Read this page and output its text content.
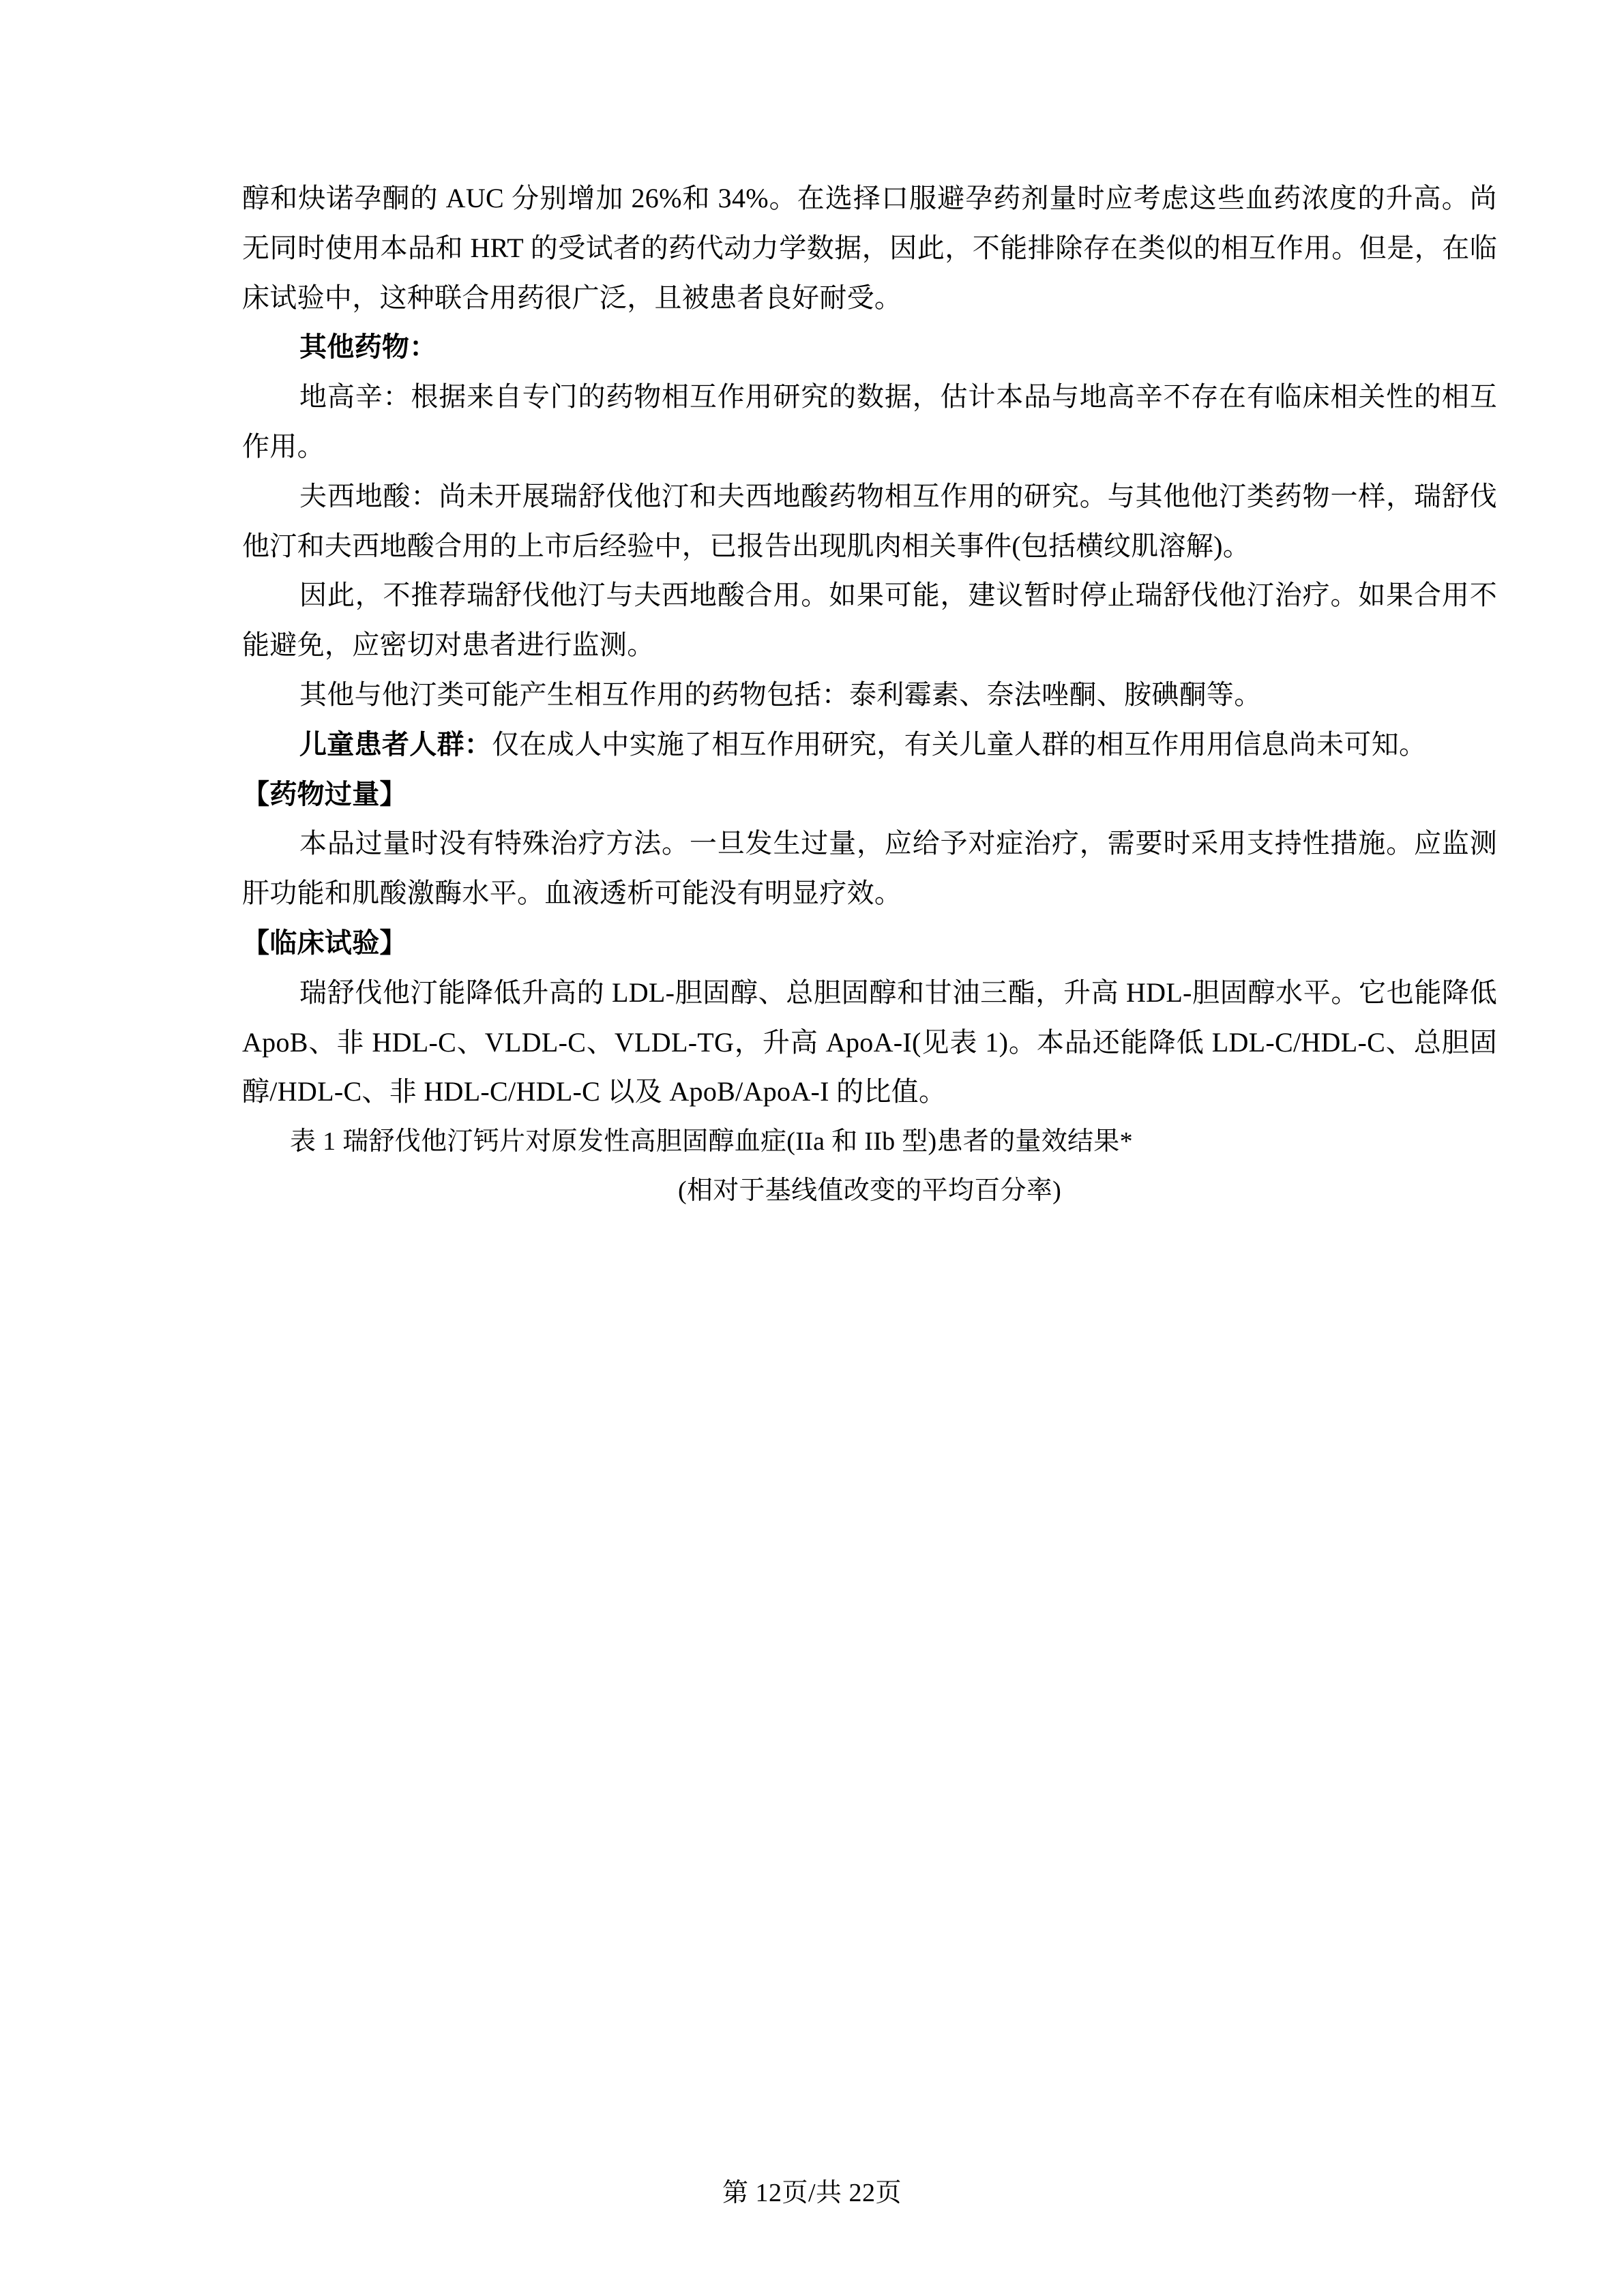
醇和炔诺孕酮的 AUC 分别增加 26%和 34%。在选择口服避孕药剂量时应考虑这些血药浓度的升高。尚无同时使用本品和 HRT 的受试者的药代动力学数据，因此，不能排除存在类似的相互作用。但是，在临床试验中，这种联合用药很广泛，且被患者良好耐受。

其他药物：

地高辛：根据来自专门的药物相互作用研究的数据，估计本品与地高辛不存在有临床相关性的相互作用。

夫西地酸：尚未开展瑞舒伐他汀和夫西地酸药物相互作用的研究。与其他他汀类药物一样，瑞舒伐他汀和夫西地酸合用的上市后经验中，已报告出现肌肉相关事件(包括横纹肌溶解)。

因此，不推荐瑞舒伐他汀与夫西地酸合用。如果可能，建议暂时停止瑞舒伐他汀治疗。如果合用不能避免，应密切对患者进行监测。

其他与他汀类可能产生相互作用的药物包括：泰利霉素、奈法唑酮、胺碘酮等。

儿童患者人群：仅在成人中实施了相互作用研究，有关儿童人群的相互作用用信息尚未可知。

【药物过量】

本品过量时没有特殊治疗方法。一旦发生过量，应给予对症治疗，需要时采用支持性措施。应监测肝功能和肌酸激酶水平。血液透析可能没有明显疗效。

【临床试验】

瑞舒伐他汀能降低升高的 LDL-胆固醇、总胆固醇和甘油三酯，升高 HDL-胆固醇水平。它也能降低 ApoB、非 HDL-C、VLDL-C、VLDL-TG，升高 ApoA-I(见表 1)。本品还能降低 LDL-C/HDL-C、总胆固醇/HDL-C、非 HDL-C/HDL-C 以及 ApoB/ApoA-I 的比值。

表 1 瑞舒伐他汀钙片对原发性高胆固醇血症(IIa 和 IIb 型)患者的量效结果*

(相对于基线值改变的平均百分率)

第 12页/共 22页
